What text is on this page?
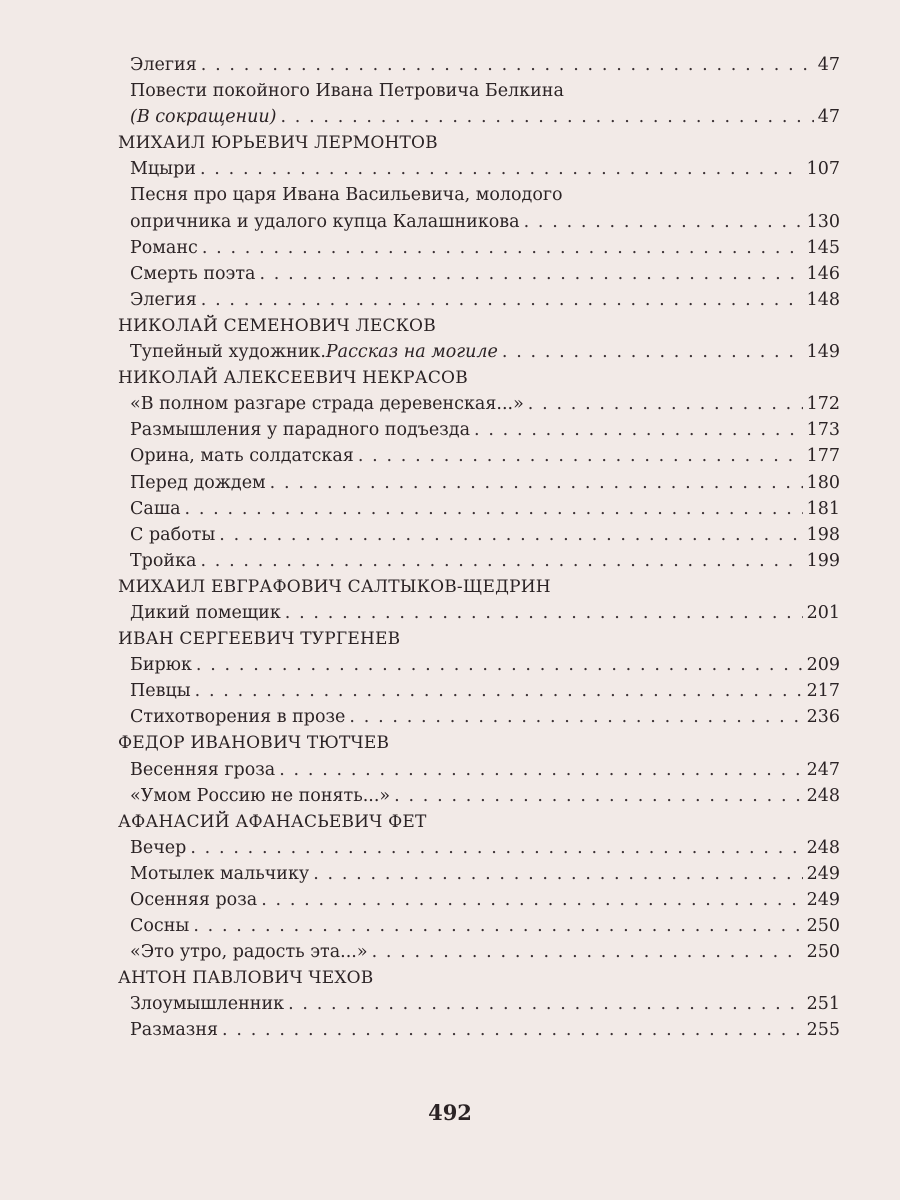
Элегия . . .	47
Повести покойного Ивана Петровича Белкина
(В сокращении) . . .	47
МИХАИЛ ЮРЬЕВИЧ ЛЕРМОНТОВ
Мцыри . . .	107
Песня про царя Ивана Васильевича, молодого
опричника и удалого купца Калашникова . . .	130
Романс . . .	145
Смерть поэта . . .	146
Элегия . . .	148
НИКОЛАЙ СЕМЕНОВИЧ ЛЕСКОВ
Тупейный художник. Рассказ на могиле . . .	149
НИКОЛАЙ АЛЕКСЕЕВИЧ НЕКРАСОВ
«В полном разгаре страда деревенская...» . . .	172
Размышления у парадного подъезда . . .	173
Орина, мать солдатская . . .	177
Перед дождем . . .	180
Саша . . .	181
С работы . . .	198
Тройка . . .	199
МИХАИЛ ЕВГРАФОВИЧ САЛТЫКОВ-ЩЕДРИН
Дикий помещик . . .	201
ИВАН СЕРГЕЕВИЧ ТУРГЕНЕВ
Бирюк . . .	209
Певцы . . .	217
Стихотворения в прозе . . .	236
ФЕДОР ИВАНОВИЧ ТЮТЧЕВ
Весенняя гроза . . .	247
«Умом Россию не понять...» . . .	248
АФАНАСИЙ АФАНАСЬЕВИЧ ФЕТ
Вечер . . .	248
Мотылек мальчику . . .	249
Осенняя роза . . .	249
Сосны . . .	250
«Это утро, радость эта...» . . .	250
АНТОН ПАВЛОВИЧ ЧЕХОВ
Злоумышленник . . .	251
Размазня . . .	255
492
